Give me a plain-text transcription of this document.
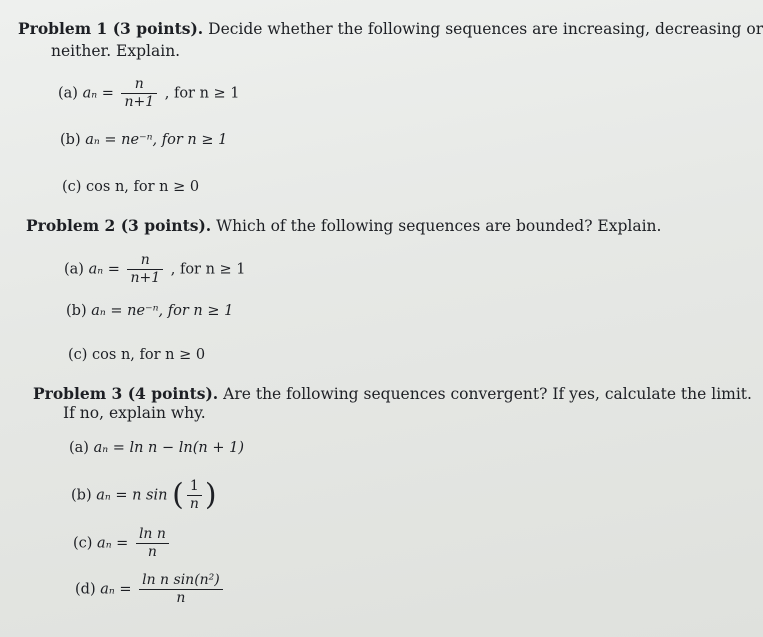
Problem 1 (3 points). Decide whether the following sequences are increasing, decreasing or
neither. Explain.
(a) $a_n = \frac{n}{n+1}$ , for n ≥ 1
(b) aₙ = ne⁻ⁿ, for n ≥ 1
(c) cos n, for n ≥ 0
Problem 2 (3 points). Which of the following sequences are bounded? Explain.
(a) $a_n = \frac{n}{n+1}$ , for n ≥ 1
(b) aₙ = ne⁻ⁿ, for n ≥ 1
(c) cos n, for n ≥ 0
Problem 3 (4 points). Are the following sequences convergent? If yes, calculate the limit.
If no, explain why.
(a) aₙ = ln n − ln(n + 1)
(b) aₙ = n sin ( $\frac{1}{n}$ )
(c) $a_n = \frac{\text{ln n}}{n}$
(d) $a_n = \frac{\text{ln n sin(n²)}}{n}$
